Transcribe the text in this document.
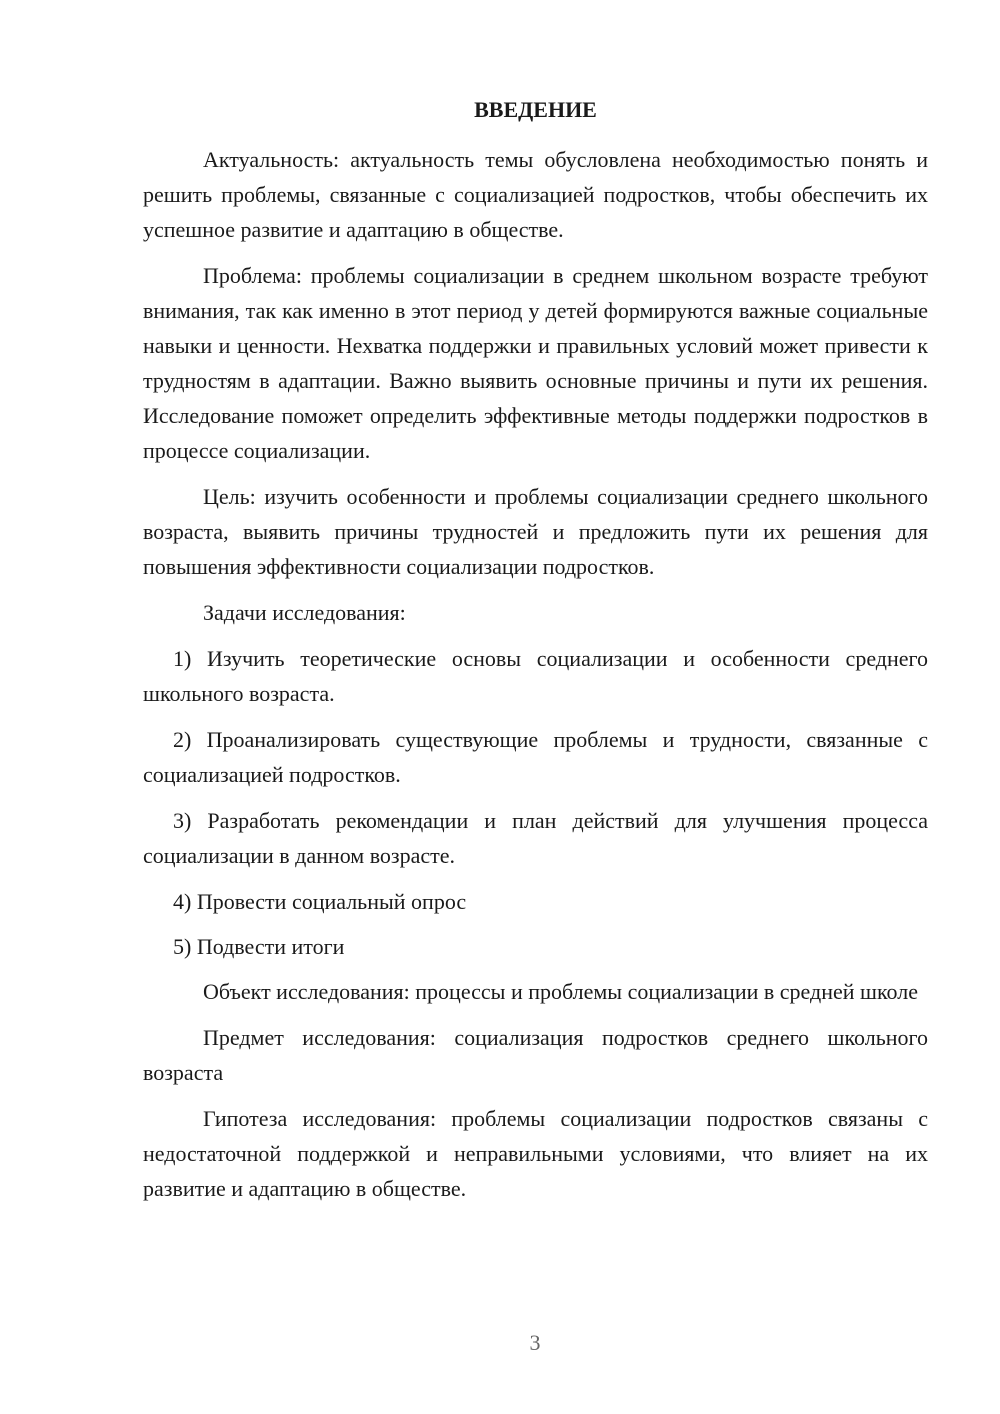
ВВЕДЕНИЕ

Актуальность: актуальность темы обусловлена необходимостью понять и решить проблемы, связанные с социализацией подростков, чтобы обеспечить их успешное развитие и адаптацию в обществе.

Проблема: проблемы социализации в среднем школьном возрасте требуют внимания, так как именно в этот период у детей формируются важные социальные навыки и ценности. Нехватка поддержки и правильных условий может привести к трудностям в адаптации. Важно выявить основные причины и пути их решения. Исследование поможет определить эффективные методы поддержки подростков в процессе социализации.

Цель: изучить особенности и проблемы социализации среднего школьного возраста, выявить причины трудностей и предложить пути их решения для повышения эффективности социализации подростков.

Задачи исследования:

1) Изучить теоретические основы социализации и особенности среднего школьного возраста.

2) Проанализировать существующие проблемы и трудности, связанные с социализацией подростков.

3) Разработать рекомендации и план действий для улучшения процесса социализации в данном возрасте.

4) Провести социальный опрос

5) Подвести итоги

Объект исследования: процессы и проблемы социализации в средней школе

Предмет исследования: социализация подростков среднего школьного возраста

Гипотеза исследования: проблемы социализации подростков связаны с недостаточной поддержкой и неправильными условиями, что влияет на их развитие и адаптацию в обществе.

3
